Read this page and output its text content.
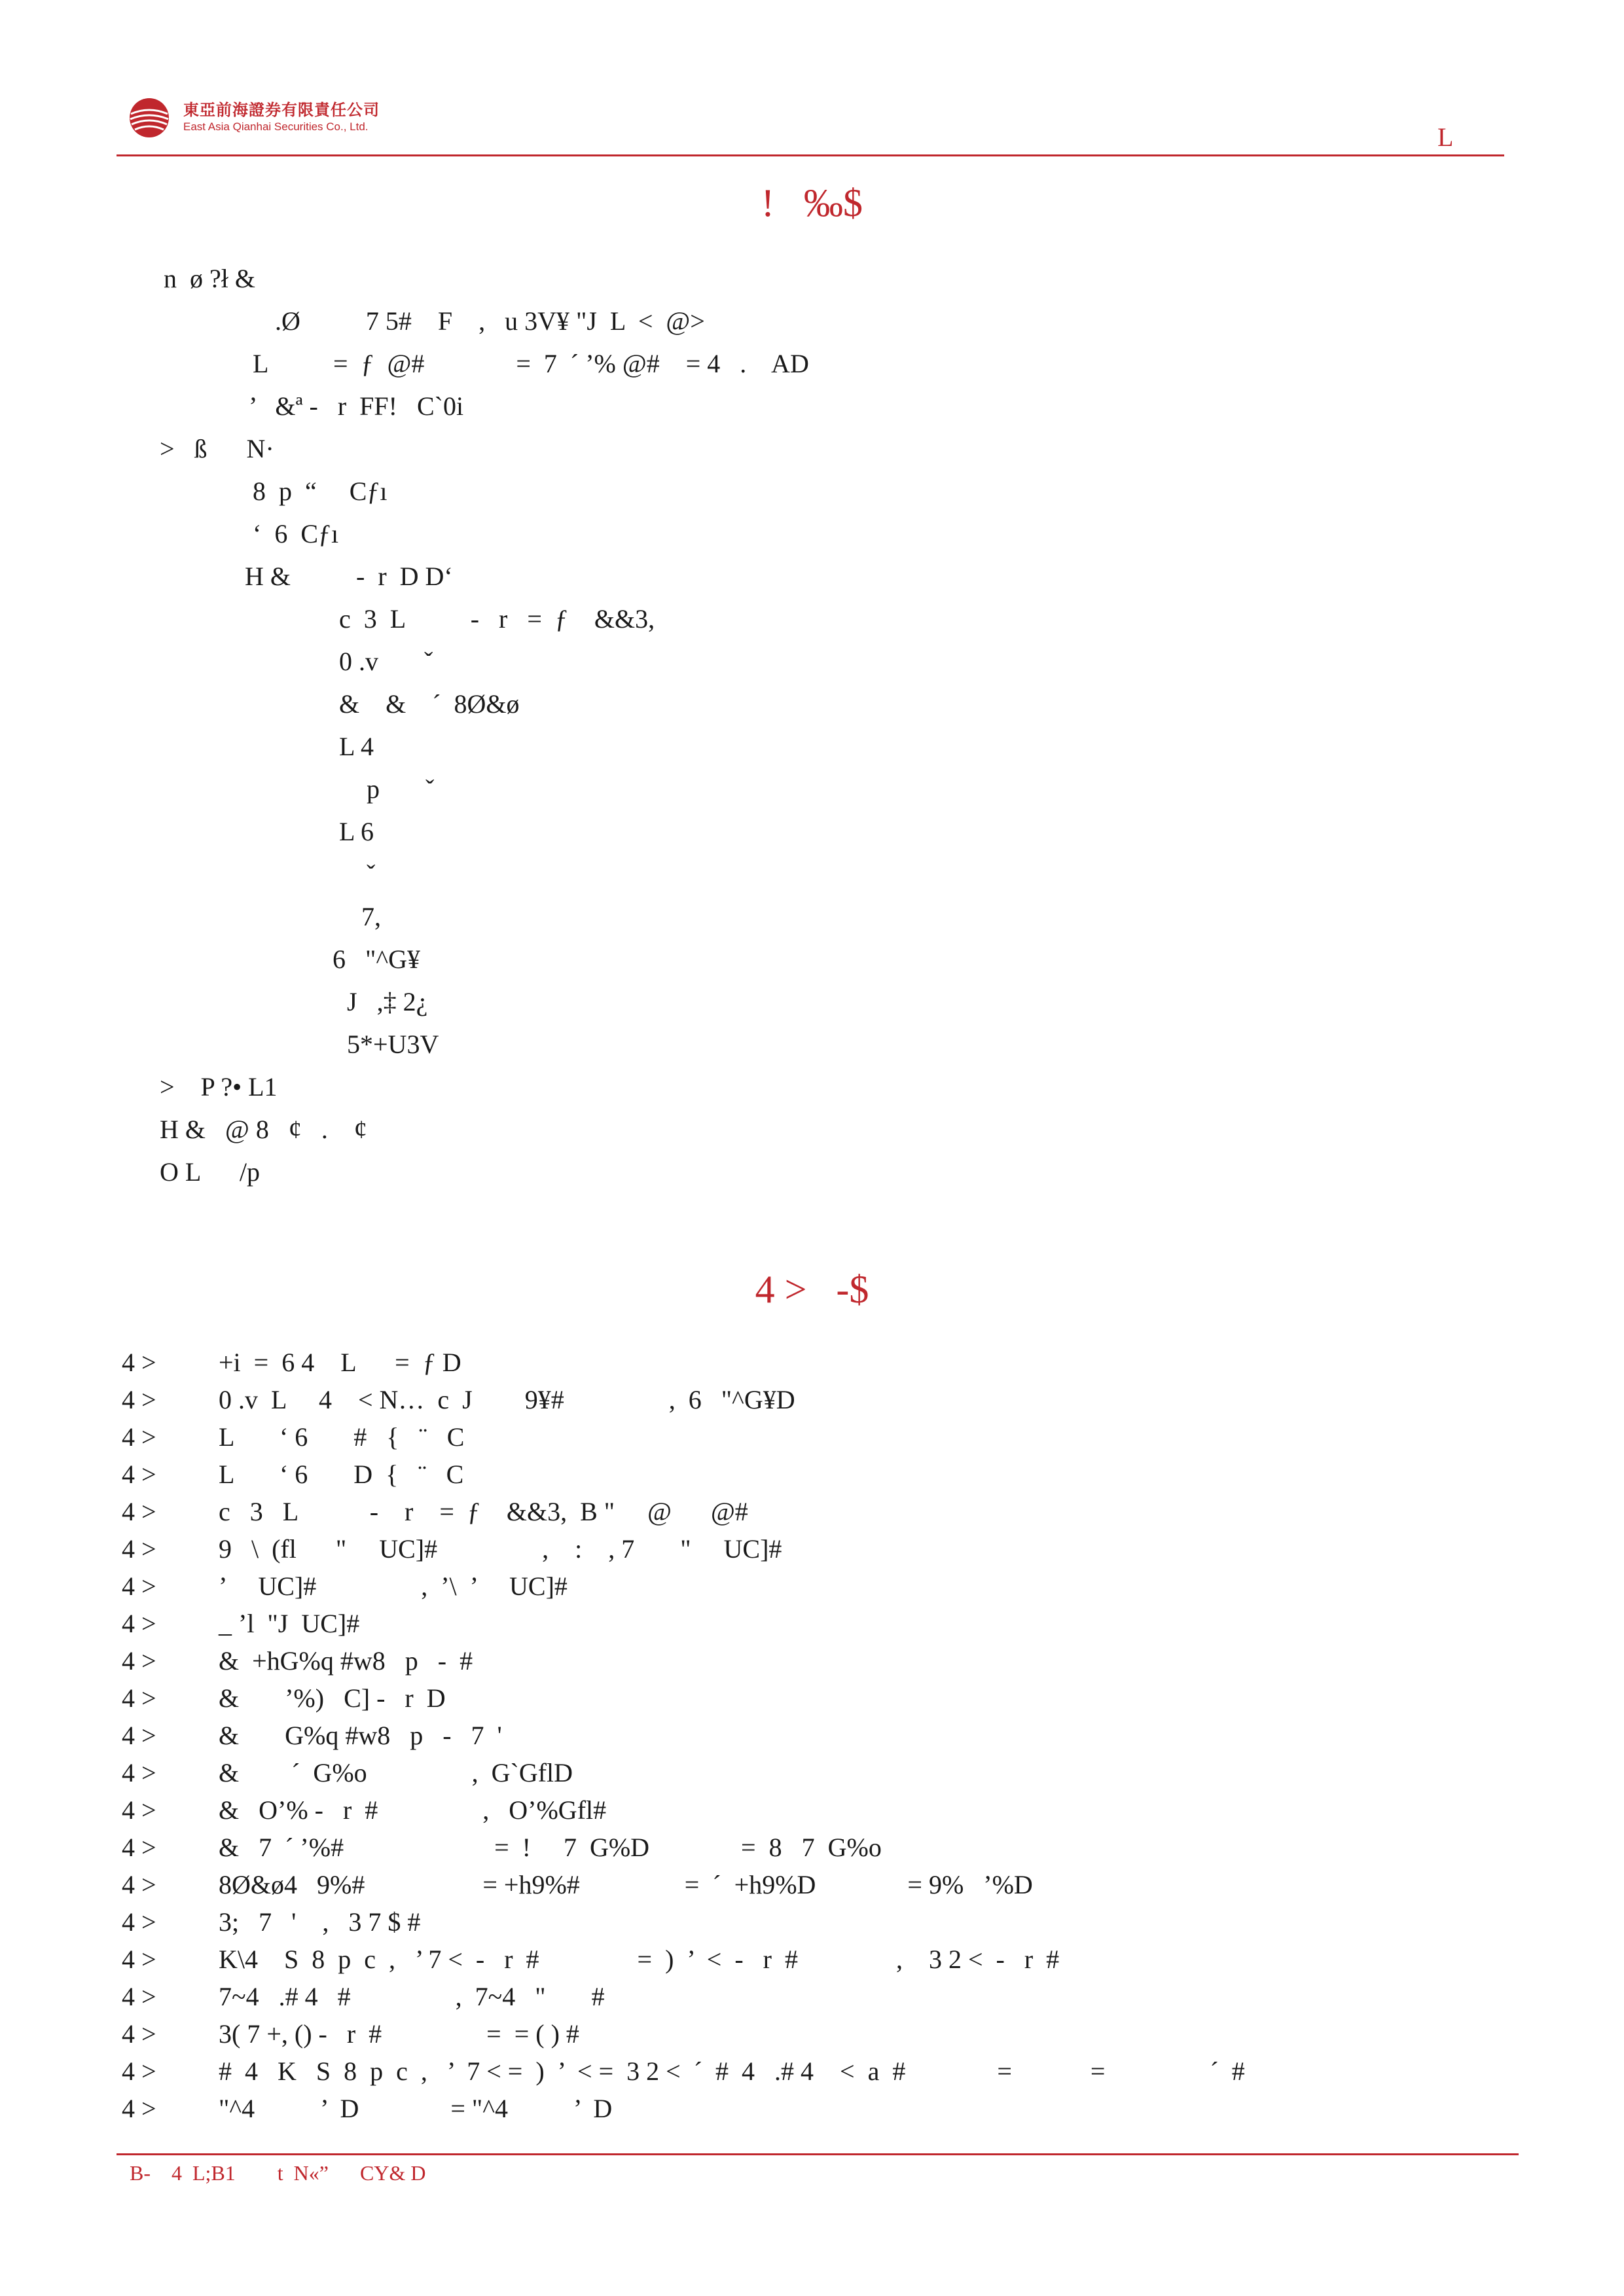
東亞前海證券有限責任公司
East Asia Qianhai Securities Co., Ltd.	L
!   ‰$
n  ø ?ł &
.Ø          7 5#    F    ,   u 3V¥ "J  L  <  @>
L          =  ƒ  @#              =  7  ´ ’% @#    = 4   .    AD
’   &ª -   r  FF!   C`0i
>   ß      N·
8  p  “     Cƒı
‘  6  Cƒı
H &          -  r  D D‘
c  3  L          -   r   =  ƒ    &&3,
0 .v       ˇ
&    &    ´  8Ø&ø
L 4
p       ˇ
L 6
ˇ
7,
6   "^G¥
J   ,‡ 2¿
5*+U3V
>    P ?• L1
H &   @ 8   ¢   .    ¢
O L      /p
4 >   -$
4 > +i  =  6 4    L      =  ƒ D
4 > 0 .v  L     4    < N…  c  J        9¥#                ,  6   "^G¥D
4 > L       ‘ 6       #   {   ¨   C
4 > L       ‘ 6       D  {   ¨   C
4 > c   3   L           -    r    =  ƒ    &&3,  B "     @      @#
4 > 9   \  (fl      "     UC]#                ,    :    , 7       "     UC]#
4 > ’     UC]#                ,  ’\  ’     UC]#
4 > _ ’l  "J  UC]#
4 > &  +hG%q #w8   p   -  #
4 > &       ’%)   C] -   r  D
4 > &       G%q #w8   p   -   7  '
4 > &        ´  G%o                ,  G`GflD
4 > &   O’% -   r  #                ,   O’%Gfl#
4 > &   7  ´ ’%#                       =  !     7  G%D              =  8   7  G%o
4 > 8Ø&ø4   9%#                  = +h9%#                =  ´  +h9%D              = 9%   ’%D
4 > 3;   7   '    ,   3 7 $ #
4 > K\4    S  8  p  c  ,   ’ 7 <  -   r  #               =  )  ’  <  -   r  #               ,    3 2 <  -   r  #
4 > 7~4   .# 4   #                ,  7~4   "       #
4 > 3( 7 +, () -   r  #                =  = ( ) #
4 > #  4   K   S  8  p  c  ,   ’  7 < =  )  ’  < =  3 2 <  ´  #  4   .# 4    <  a  #              =            =                ´  #
4 > "^4          ’  D              = "^4          ’  D
B-    4  L;B1        t  N«”      CY& D
